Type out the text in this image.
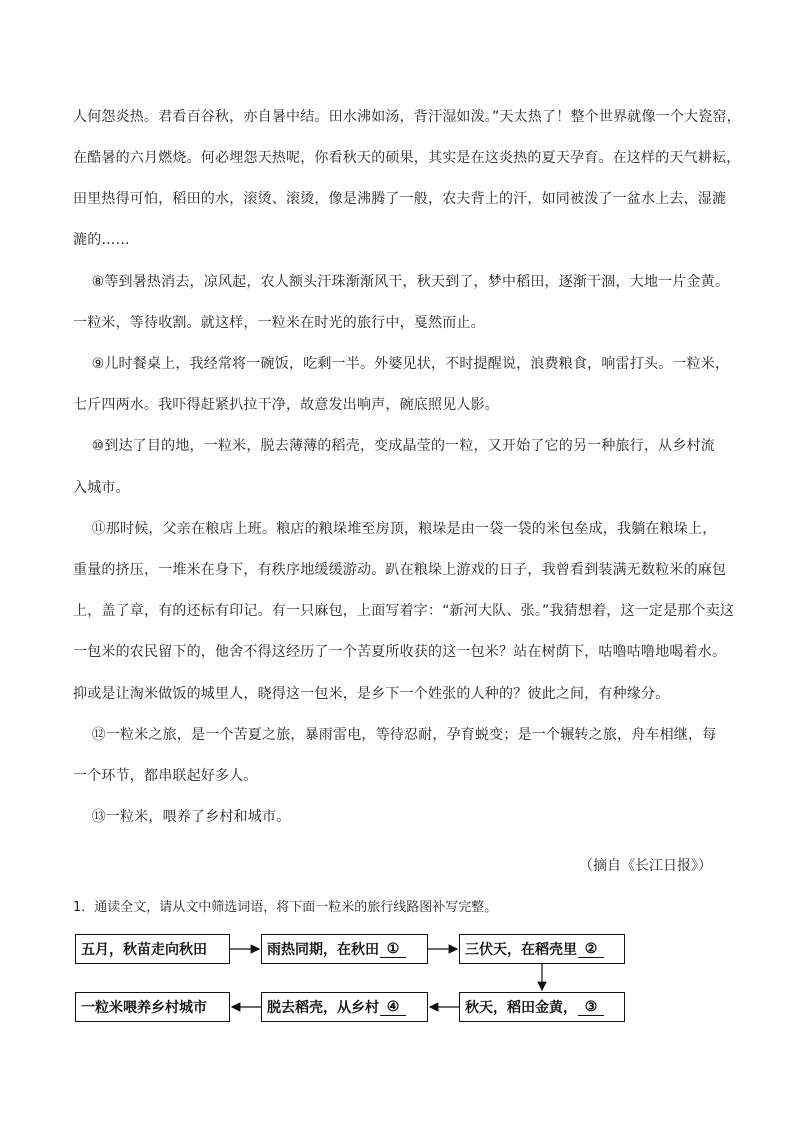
人何怨炎热。君看百谷秋，亦自暑中结。田水沸如汤，背汗湿如泼。”天太热了！整个世界就像一个大瓷窑，
在酷暑的六月燃烧。何必埋怨天热呢，你看秋天的硕果，其实是在这炎热的夏天孕育。在这样的天气耕耘，
田里热得可怕，稻田的水，滚烫、滚烫，像是沸腾了一般，农夫背上的汗，如同被泼了一盆水上去，湿漉
漉的……
⑧等到暑热消去，凉风起，农人额头汗珠渐渐风干，秋天到了，梦中稻田，逐渐干涸，大地一片金黄。
一粒米，等待收割。就这样，一粒米在时光的旅行中，戛然而止。
⑨儿时餐桌上，我经常将一碗饭，吃剩一半。外婆见状，不时提醒说，浪费粮食，响雷打头。一粒米，
七斤四两水。我吓得赶紧扒拉干净，故意发出响声，碗底照见人影。
⑩到达了目的地，一粒米，脱去薄薄的稻壳，变成晶莹的一粒，又开始了它的另一种旅行，从乡村流
入城市。
⑪那时候，父亲在粮店上班。粮店的粮垛堆至房顶，粮垛是由一袋一袋的米包垒成，我躺在粮垛上，
重量的挤压，一堆米在身下，有秩序地缓缓游动。趴在粮垛上游戏的日子，我曾看到装满无数粒米的麻包
上，盖了章，有的还标有印记。有一只麻包，上面写着字：“新河大队、张。”我猜想着，这一定是那个卖这
一包米的农民留下的，他舍不得这经历了一个苦夏所收获的这一包米？站在树荫下，咕噜咕噜地喝着水。
抑或是让淘米做饭的城里人，晓得这一包米，是乡下一个姓张的人种的？彼此之间，有种缘分。
⑫一粒米之旅，是一个苦夏之旅，暴雨雷电，等待忍耐，孕育蜕变；是一个辗转之旅，舟车相继，每
一个环节，都串联起好多人。
⑬一粒米，喂养了乡村和城市。
（摘自《长江日报》）
1．通读全文，请从文中筛选词语，将下面一粒米的旅行线路图补写完整。
五月，秋苗走向秋田	雨热同期，在秋田 ①	三伏天，在稻壳里 ②
秋天，稻田金黄， ③
脱去稻壳，从乡村 ④
一粒米喂养乡村城市
